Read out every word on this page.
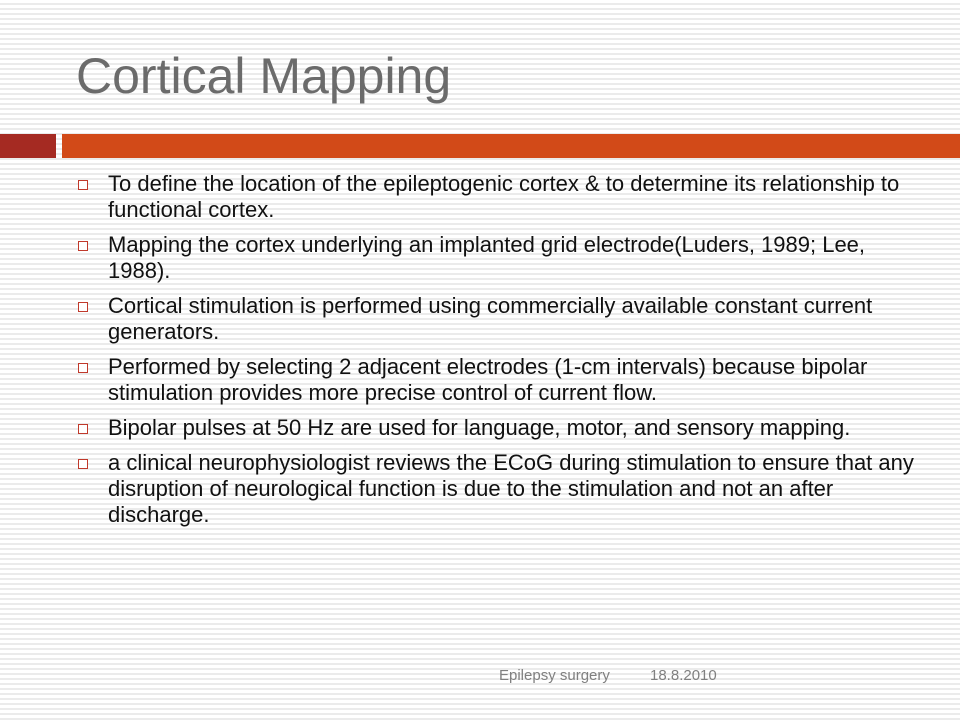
Cortical Mapping
To define the location of the epileptogenic cortex & to determine its relationship to functional cortex.
Mapping the cortex underlying an implanted grid electrode(Luders, 1989; Lee, 1988).
Cortical stimulation is performed using commercially available constant current generators.
Performed by selecting 2 adjacent electrodes (1-cm intervals) because bipolar stimulation provides more precise control of current flow.
Bipolar pulses at 50 Hz are used for language, motor, and sensory mapping.
a clinical neurophysiologist reviews the ECoG during stimulation to ensure that any disruption of neurological function is due to the stimulation and not an after discharge.
Epilepsy surgery	18.8.2010
